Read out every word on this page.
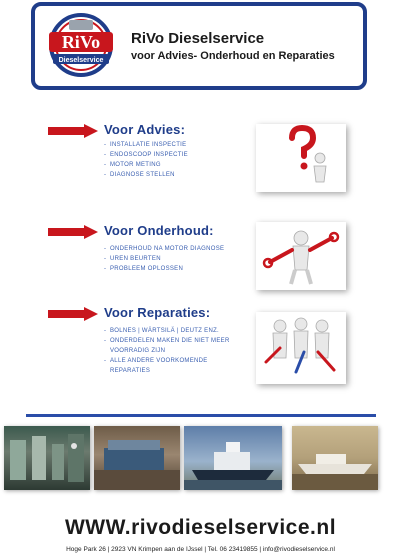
RiVo
Dieselservice
RiVo Dieselservice
voor Advies- Onderhoud en Reparaties
Voor Advies:
- INSTALLATIE INSPECTIE
- ENDOSCOOP INSPECTIE
- MOTOR METING
- DIAGNOSE STELLEN
Voor Onderhoud:
- ONDERHOUD NA MOTOR DIAGNOSE
- UREN BEURTEN
- PROBLEEM OPLOSSEN
Voor Reparaties:
- BOLNES | WÄRTSILÄ | DEUTZ ENZ.
- ONDERDELEN MAKEN DIE NIET MEER VOORRADIG ZIJN
- ALLE ANDERE VOORKOMENDE REPARATIES
WWW.rivodieselservice.nl
Hoge Park 26 | 2923 VN Krimpen aan de IJssel | Tel. 06 23419855 | info@rivodieselservice.nl
